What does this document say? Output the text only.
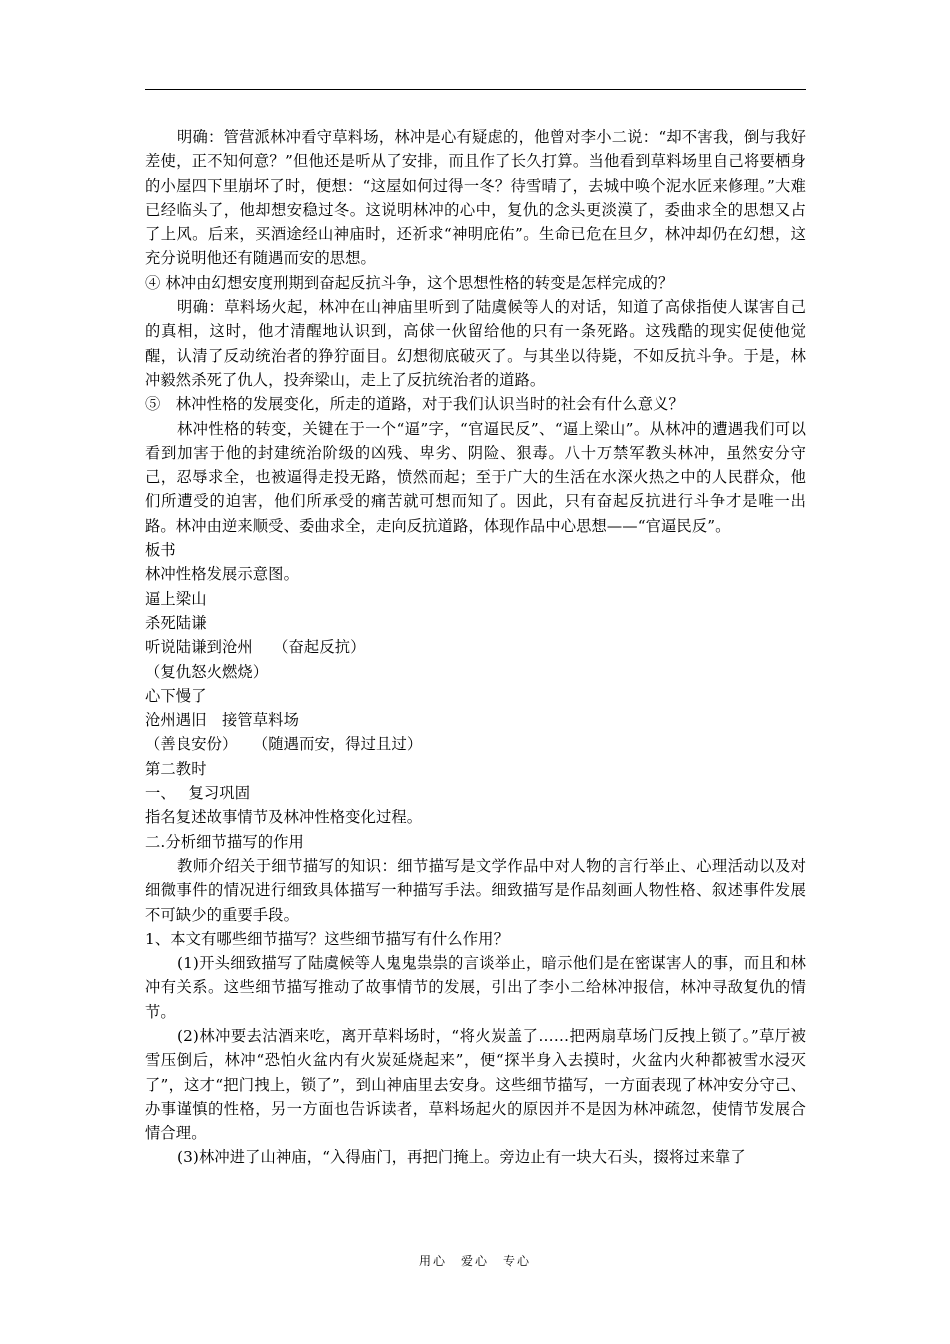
明确：管营派林冲看守草料场，林冲是心有疑虑的，他曾对李小二说：“却不害我，倒与我好差使，正不知何意？”但他还是听从了安排，而且作了长久打算。当他看到草料场里自己将要栖身的小屋四下里崩坏了时，便想：“这屋如何过得一冬？待雪晴了，去城中唤个泥水匠来修理。”大难已经临头了，他却想安稳过冬。这说明林冲的心中，复仇的念头更淡漠了，委曲求全的思想又占了上风。后来，买酒途经山神庙时，还祈求“神明庇佑”。生命已危在旦夕，林冲却仍在幻想，这充分说明他还有随遇而安的思想。

④ 林冲由幻想安度刑期到奋起反抗斗争，这个思想性格的转变是怎样完成的？

明确：草料场火起，林冲在山神庙里听到了陆虞候等人的对话，知道了高俅指使人谋害自己的真相，这时，他才清醒地认识到，高俅一伙留给他的只有一条死路。这残酷的现实促使他觉醒，认清了反动统治者的狰狞面目。幻想彻底破灭了。与其坐以待毙，不如反抗斗争。于是，林冲毅然杀死了仇人，投奔梁山，走上了反抗统治者的道路。

⑤　林冲性格的发展变化，所走的道路，对于我们认识当时的社会有什么意义？

林冲性格的转变，关键在于一个“逼”字，“官逼民反”、“逼上梁山”。从林冲的遭遇我们可以看到加害于他的封建统治阶级的凶残、卑劣、阴险、狠毒。八十万禁军教头林冲，虽然安分守己，忍辱求全，也被逼得走投无路，愤然而起；至于广大的生活在水深火热之中的人民群众，他们所遭受的迫害，他们所承受的痛苦就可想而知了。因此，只有奋起反抗进行斗争才是唯一出路。林冲由逆来顺受、委曲求全，走向反抗道路，体现作品中心思想——“官逼民反”。

板书

林冲性格发展示意图。

逼上梁山

杀死陆谦

听说陆谦到沧州　 （奋起反抗）

（复仇怒火燃烧）

心下慢了

沧州遇旧　接管草料场

（善良安份）　　（随遇而安，得过且过）

第二教时

一、　 复习巩固

指名复述故事情节及林冲性格变化过程。

二.分析细节描写的作用

教师介绍关于细节描写的知识：细节描写是文学作品中对人物的言行举止、心理活动以及对细微事件的情况进行细致具体描写一种描写手法。细致描写是作品刻画人物性格、叙述事件发展不可缺少的重要手段。

1、本文有哪些细节描写？这些细节描写有什么作用？

(1)开头细致描写了陆虞候等人鬼鬼祟祟的言谈举止，暗示他们是在密谋害人的事，而且和林冲有关系。这些细节描写推动了故事情节的发展，引出了李小二给林冲报信，林冲寻敌复仇的情节。

(2)林冲要去沽酒来吃，离开草料场时，“将火炭盖了……把两扇草场门反拽上锁了。”草厅被雪压倒后，林冲“恐怕火盆内有火炭延烧起来”，便“探半身入去摸时，火盆内火种都被雪水浸灭了”，这才“把门拽上，锁了”，到山神庙里去安身。这些细节描写，一方面表现了林冲安分守己、办事谨慎的性格，另一方面也告诉读者，草料场起火的原因并不是因为林冲疏忽，使情节发展合情合理。

(3)林冲进了山神庙，“入得庙门，再把门掩上。旁边止有一块大石头，掇将过来靠了

用心　爱心　专心
